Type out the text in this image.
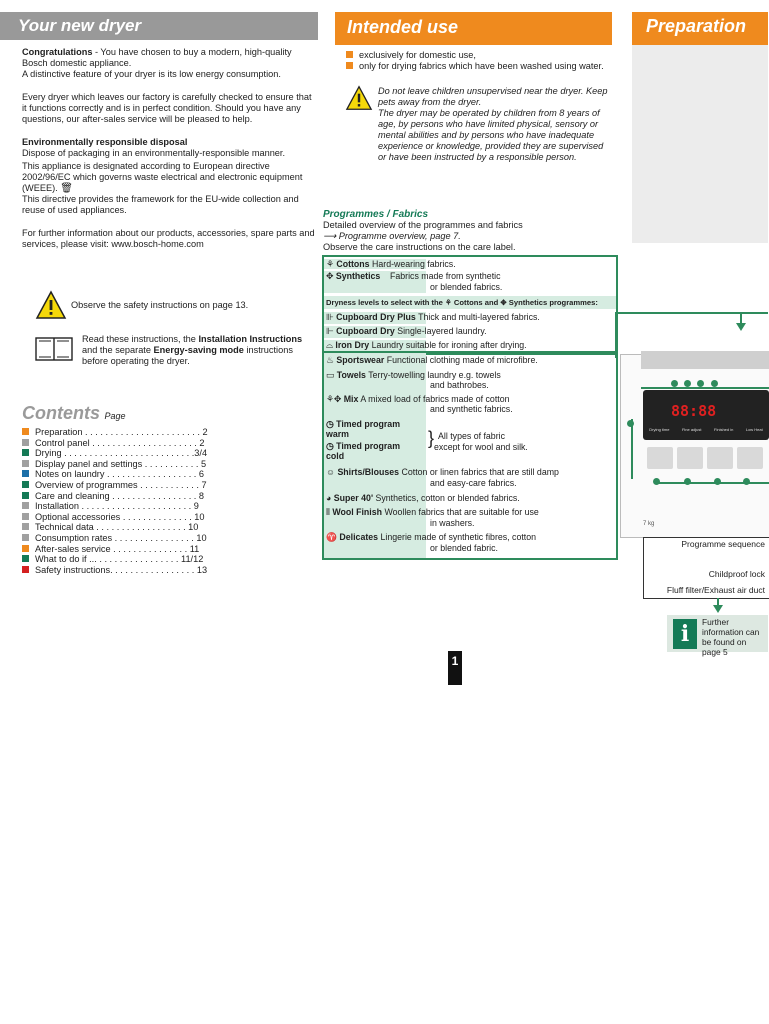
Your new dryer

Congratulations - You have chosen to buy a modern, high-quality Bosch domestic appliance.

A distinctive feature of your dryer is its low energy consumption.

Every dryer which leaves our factory is carefully checked to ensure that it functions correctly and is in perfect condition. Should you have any questions, our after-sales service will be pleased to help.

Environmentally responsible disposal

Dispose of packaging in an environmentally-responsible manner.

This appliance is designated according to European directive 2002/96/EC which governs waste electrical and electronic equipment (WEEE). 🗑

This directive provides the framework for the EU-wide collection and reuse of used appliances.

For further information about our products, accessories, spare parts and services, please visit: www.bosch-home.com

Observe the safety instructions on page 13.
Read these instructions, the Installation Instructions and the separate Energy-saving mode instructions before operating the dryer.
Contents Page
Preparation . . . . . . . . . . . . . . . . . . . . . . . 2
Control panel . . . . . . . . . . . . . . . . . . . . . 2
Drying . . . . . . . . . . . . . . . . . . . . . . . . . .3/4
Display panel and settings . . . . . . . . . . . 5
Notes on laundry . . . . . . . . . . . . . . . . . . 6
Overview of programmes . . . . . . . . . . . . 7
Care and cleaning . . . . . . . . . . . . . . . . . 8
Installation . . . . . . . . . . . . . . . . . . . . . . 9
Optional accessories . . . . . . . . . . . . . . 10
Technical data . . . . . . . . . . . . . . . . . . 10
Consumption rates . . . . . . . . . . . . . . . . 10
After-sales service . . . . . . . . . . . . . . . 11
What to do if ... . . . . . . . . . . . . . . . . 11/12
Safety instructions. . . . . . . . . . . . . . . . . 13
Intended use

exclusively for domestic use,

only for drying fabrics which have been washed using water.

Do not leave children unsupervised near the dryer. Keep pets away from the dryer.

The dryer may be operated by children from 8 years of age, by persons who have limited physical, sensory or mental abilities and by persons who have inadequate experience or knowledge, provided they are supervised or have been instructed by a responsible person.

Programmes / Fabrics

Detailed overview of the programmes and fabrics

⟶ Programme overview, page 7.

Observe the care instructions on the care label.

⚘ Cottons Hard-wearing fabrics.
✥ Synthetics Fabrics made from synthetic
or blended fabrics.
Dryness levels to select with the ⚘ Cottons and ✥ Synthetics programmes:
⊪ Cupboard Dry Plus Thick and multi-layered fabrics.
⊩ Cupboard Dry Single-layered laundry.
⌓ Iron Dry Laundry suitable for ironing after drying.
♨ Sportswear Functional clothing made of microfibre.
▭ Towels Terry-towelling laundry e.g. towels
and bathrobes.
⚘✥ Mix A mixed load of fabrics made of cotton
and synthetic fabrics.
◷ Timed program warm
◷ Timed program cold
} All types of fabric
except for wool and silk.
☺ Shirts/Blouses Cotton or linen fabrics that are still damp
and easy-care fabrics.
◕ Super 40' Synthetics, cotton or blended fabrics.
⦀ Wool Finish Woollen fabrics that are suitable for use
in washers.
♈ Delicates Lingerie made of synthetic fibres, cotton
or blended fabric.
1
Preparation
88:88
Drying time	Fine adjust	Finished in	Low Heat
7 kg
Programme sequence
Childproof lock
Fluff filter/Exhaust air duct
i	Further information can be found on page 5
